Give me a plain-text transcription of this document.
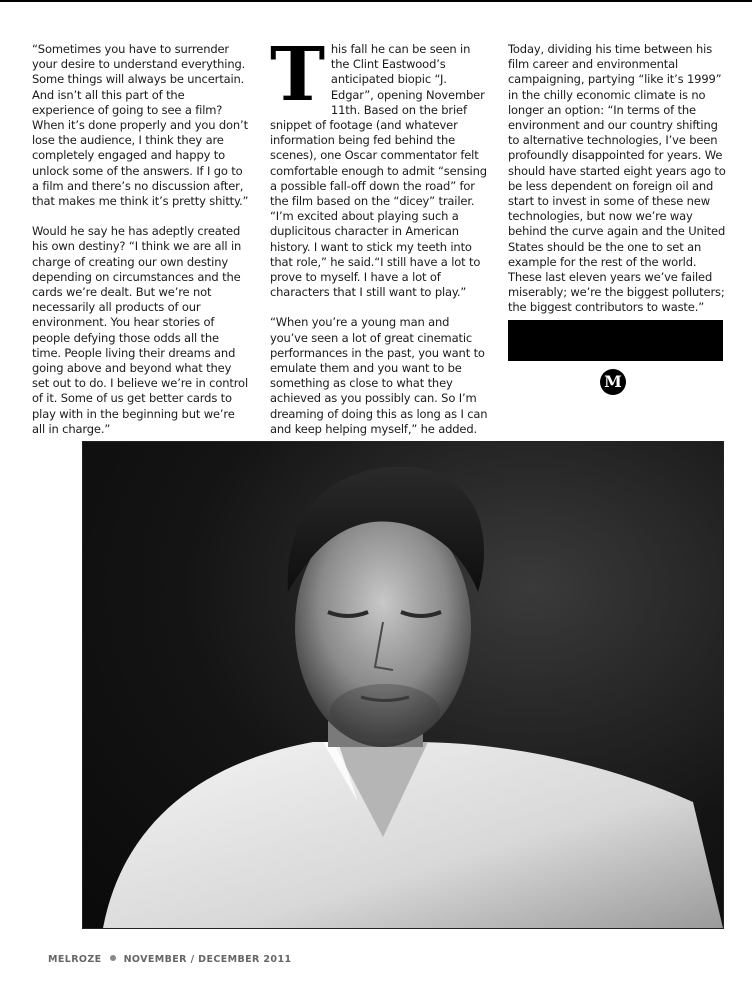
“Sometimes you have to surrender your desire to understand everything. Some things will always be uncertain. And isn’t all this part of the experience of going to see a film? When it’s done properly and you don’t lose the audience, I think they are completely engaged and happy to unlock some of the answers. If I go to a film and there’s no discussion after, that makes me think it’s pretty shitty.”

Would he say he has adeptly created his own destiny? “I think we are all in charge of creating our own destiny depending on circumstances and the cards we’re dealt. But we’re not necessarily all products of our environment. You hear stories of people defying those odds all the time. People living their dreams and going above and beyond what they set out to do. I believe we’re in control of it. Some of us get better cards to play with in the beginning but we’re all in charge.”

This fall he can be seen in the Clint Eastwood’s anticipated biopic “J. Edgar”, opening November 11th. Based on the brief snippet of footage (and whatever information being fed behind the scenes), one Oscar commentator felt comfortable enough to admit “sensing a possible fall-off down the road” for the film based on the “dicey” trailer. “I’m excited about playing such a duplicitous character in American history. I want to stick my teeth into that role,” he said.“I still have a lot to prove to myself. I have a lot of characters that I still want to play.”

“When you’re a young man and you’ve seen a lot of great cinematic performances in the past, you want to emulate them and you want to be something as close to what they achieved as you possibly can. So I’m dreaming of doing this as long as I can and keep helping myself,” he added.

Today, dividing his time between his film career and environmental campaigning, partying “like it’s 1999” in the chilly economic climate is no longer an option: “In terms of the environment and our country shifting to alternative technologies, I’ve been profoundly disappointed for years. We should have started eight years ago to be less dependent on foreign oil and start to invest in some of these new technologies, but now we’re way behind the curve again and the United States should be the one to set an example for the rest of the world. These last eleven years we’ve failed miserably; we’re the biggest polluters; the biggest contributors to waste.”

M
MELROZE NOVEMBER / DECEMBER 2011
